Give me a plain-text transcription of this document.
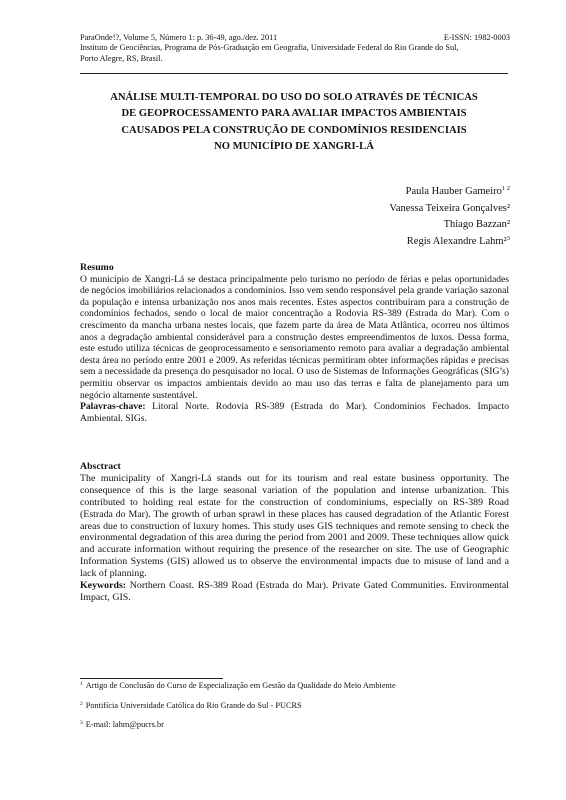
ParaOnde!?, Volume 5, Número 1: p. 36-49, ago./dez. 2011	E-ISSN: 1982-0003
Instituto de Geociências, Programa de Pós-Graduação em Geografia, Universidade Federal do Rio Grande do Sul,
Porto Alegre, RS, Brasil.
ANÁLISE MULTI-TEMPORAL DO USO DO SOLO ATRAVÉS DE TÉCNICAS
DE GEOPROCESSAMENTO PARA AVALIAR IMPACTOS AMBIENTAIS
CAUSADOS PELA CONSTRUÇÃO DE CONDOMÍNIOS RESIDENCIAIS
NO MUNICÍPIO DE XANGRI-LÁ
Paula Hauber Gameiro$^{1 2}$
Vanessa Teixeira Gonçalves²
Thiago Bazzan²
Regis Alexandre Lahm²$^3$
Resumo

O município de Xangri-Lá se destaca principalmente pelo turismo no período de férias e pelas oportunidades de negócios imobiliários relacionados a condomínios. Isso vem sendo responsável pela grande variação sazonal da população e intensa urbanização nos anos mais recentes. Estes aspectos contribuíram para a construção de condomínios fechados, sendo o local de maior concentração a Rodovia RS-389 (Estrada do Mar). Com o crescimento da mancha urbana nestes locais, que fazem parte da área de Mata Atlântica, ocorreu nos últimos anos a degradação ambiental considerável para a construção destes empreendimentos de luxos. Dessa forma, este estudo utiliza técnicas de geoprocessamento e sensoriamento remoto para avaliar a degradação ambiental desta área no período entre 2001 e 2009. As referidas técnicas permitiram obter informações rápidas e precisas sem a necessidade da presença do pesquisador no local. O uso de Sistemas de Informações Geográficas (SIG’s) permitiu observar os impactos ambientais devido ao mau uso das terras e falta de planejamento para um negócio altamente sustentável.

Palavras-chave: Litoral Norte. Rodovia RS-389 (Estrada do Mar). Condomínios Fechados. Impacto Ambiental. SIGs.

Absctract

The municipality of Xangri-Lá stands out for its tourism and real estate business opportunity. The consequence of this is the large seasonal variation of the population and intense urbanization. This contributed to holding real estate for the construction of condominiums, especially on RS-389 Road (Estrada do Mar). The growth of urban sprawl in these places has caused degradation of the Atlantic Forest areas due to construction of luxury homes. This study uses GIS techniques and remote sensing to check the environmental degradation of this area during the period from 2001 and 2009. These techniques allow quick and accurate information without requiring the presence of the researcher on site. The use of Geographic Information Systems (GIS) allowed us to observe the environmental impacts due to misuse of land and a lack of planning.

Keywords: Northern Coast. RS-389 Road (Estrada do Mar). Private Gated Communities. Environmental Impact, GIS.

$^1$ Artigo de Conclusão do Curso de Especialização em Gestão da Qualidade do Meio Ambiente

$^2$ Pontifícia Universidade Católica do Rio Grande do Sul - PUCRS

$^3$ E-mail: lahm@pucrs.br
